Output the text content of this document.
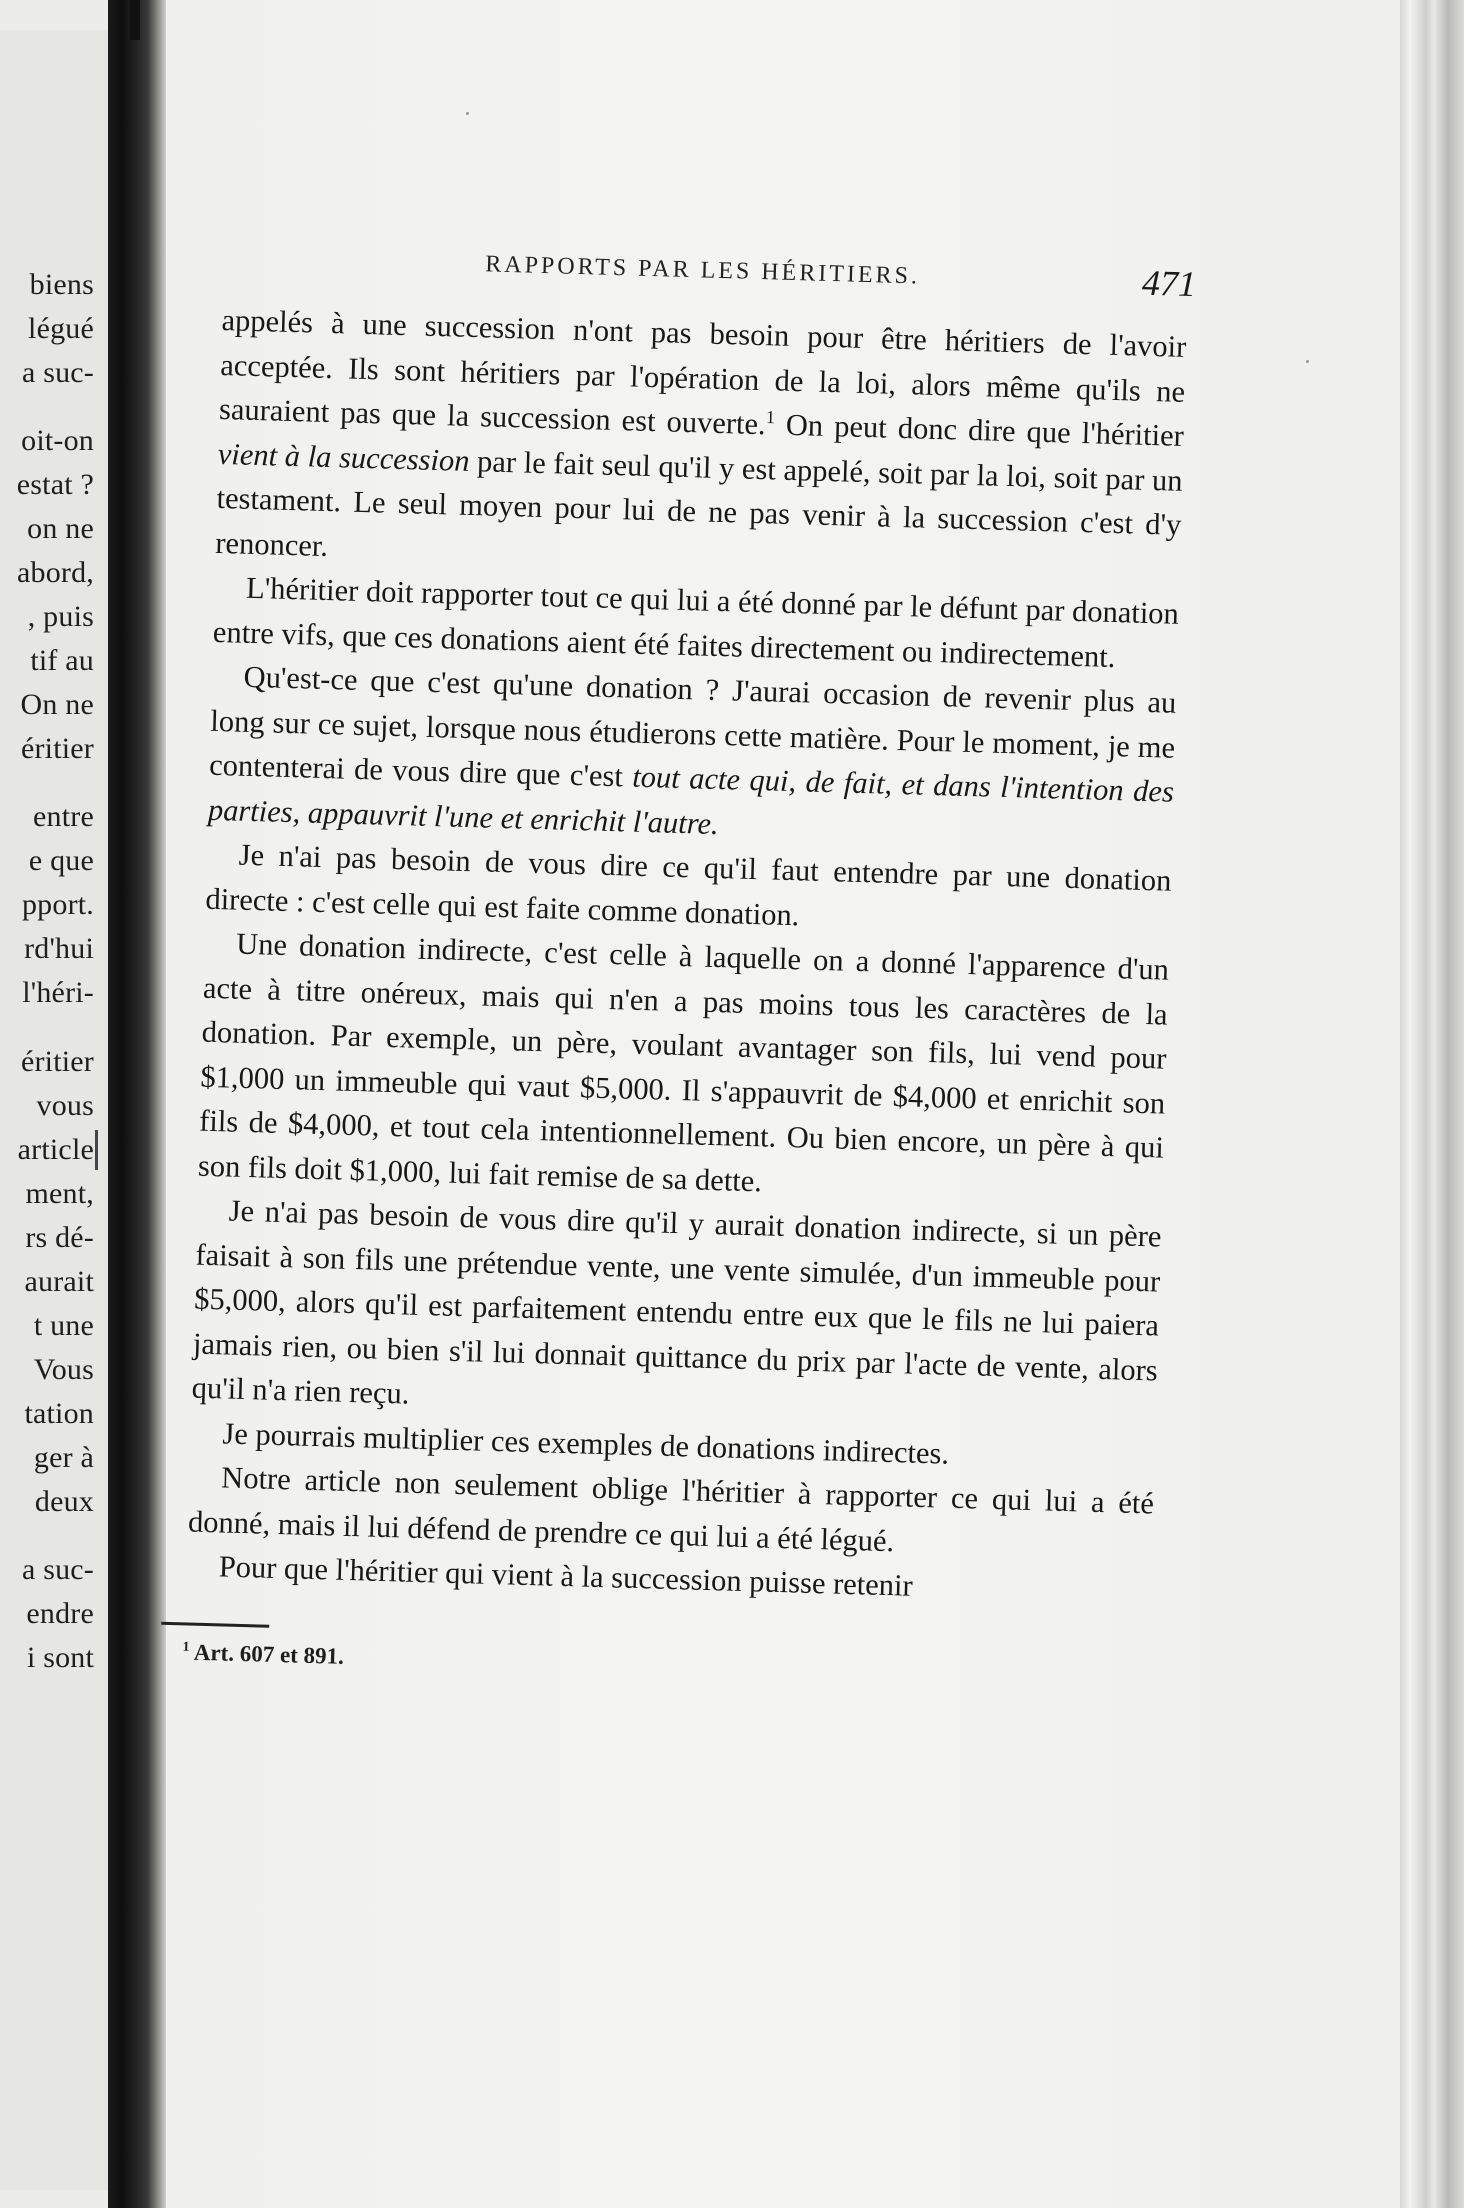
biens
légué
a suc-
oit-on
estat ?
on ne
abord,
, puis
tif au
On ne
éritier
entre
e que
pport.
rd'hui
l'héri-
éritier
vous
article
ment,
rs dé-
aurait
t une
Vous
tation
ger à
deux
a suc-
endre
i sont
RAPPORTS PAR LES HÉRITIERS.	471

appelés à une succession n'ont pas besoin pour être héritiers de l'avoir acceptée. Ils sont héritiers par l'opération de la loi, alors même qu'ils ne sauraient pas que la succession est ouverte.$^1$ On peut donc dire que l'héritier vient à la succession par le fait seul qu'il y est appelé, soit par la loi, soit par un testament. Le seul moyen pour lui de ne pas venir à la succession c'est d'y renoncer.

L'héritier doit rapporter tout ce qui lui a été donné par le défunt par donation entre vifs, que ces donations aient été faites directement ou indirectement.

Qu'est-ce que c'est qu'une donation ? J'aurai occasion de revenir plus au long sur ce sujet, lorsque nous étudierons cette matière. Pour le moment, je me contenterai de vous dire que c'est tout acte qui, de fait, et dans l'intention des parties, appauvrit l'une et enrichit l'autre.

Je n'ai pas besoin de vous dire ce qu'il faut entendre par une donation directe : c'est celle qui est faite comme donation.

Une donation indirecte, c'est celle à laquelle on a donné l'apparence d'un acte à titre onéreux, mais qui n'en a pas moins tous les caractères de la donation. Par exemple, un père, voulant avantager son fils, lui vend pour $1,000 un immeuble qui vaut $5,000. Il s'appauvrit de $4,000 et enrichit son fils de $4,000, et tout cela intentionnellement. Ou bien encore, un père à qui son fils doit $1,000, lui fait remise de sa dette.

Je n'ai pas besoin de vous dire qu'il y aurait donation indirecte, si un père faisait à son fils une prétendue vente, une vente simulée, d'un immeuble pour $5,000, alors qu'il est parfaitement entendu entre eux que le fils ne lui paiera jamais rien, ou bien s'il lui donnait quittance du prix par l'acte de vente, alors qu'il n'a rien reçu.

Je pourrais multiplier ces exemples de donations indirectes.

Notre article non seulement oblige l'héritier à rapporter ce qui lui a été donné, mais il lui défend de prendre ce qui lui a été légué.

Pour que l'héritier qui vient à la succession puisse retenir

$^1$ Art. 607 et 891.
